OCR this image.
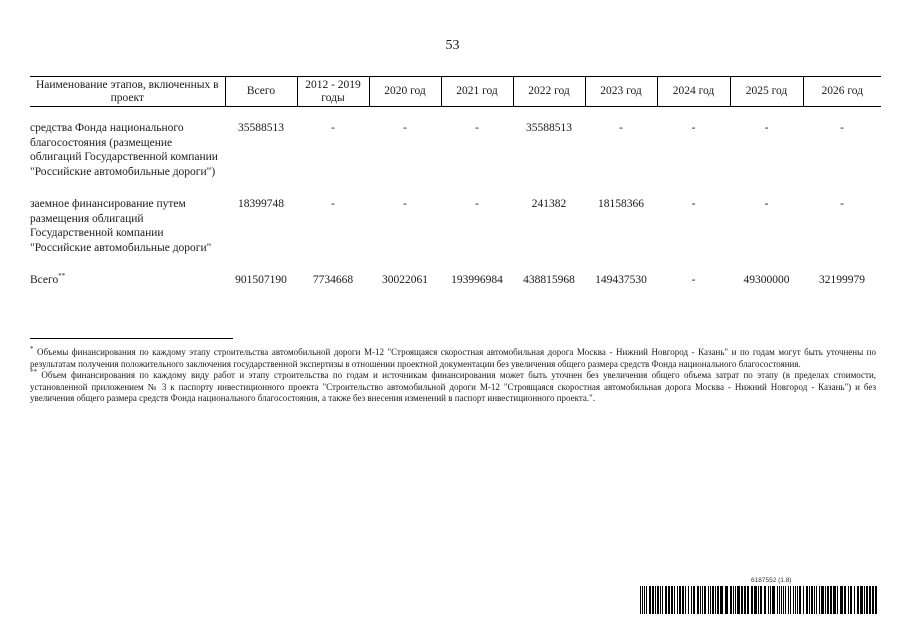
53
Наименование этапов, включенных в проект	Всего	2012 - 2019 годы	2020 год	2021 год	2022 год	2023 год	2024 год	2025 год	2026 год

средства Фонда национального благосостояния (размещение облигаций Государственной компании "Российские автомобильные дороги")	35588513	-	-	-	35588513	-	-	-	-
заемное финансирование путем размещения облигаций Государственной компании "Российские автомобильные дороги"	18399748	-	-	-	241382	18158366	-	-	-
Всего**	901507190	7734668	30022061	193996984	438815968	149437530	-	49300000	32199979

* Объемы финансирования по каждому этапу строительства автомобильной дороги М-12 "Строящаяся скоростная автомобильная дорога Москва - Нижний Новгород - Казань" и по годам могут быть уточнены по результатам получения положительного заключения государственной экспертизы в отношении проектной документации без увеличения общего размера средств Фонда национального благосостояния.

** Объем финансирования по каждому виду работ и этапу строительства по годам и источникам финансирования может быть уточнен без увеличения общего объема затрат по этапу (в пределах стоимости, установленной приложением № 3 к паспорту инвестиционного проекта "Строительство автомобильной дороги М-12 "Строящаяся скоростная автомобильная дорога Москва - Нижний Новгород - Казань") и без увеличения общего размера средств Фонда национального благосостояния, а также без внесения изменений в паспорт инвестиционного проекта.".

6187552 (1.8)
